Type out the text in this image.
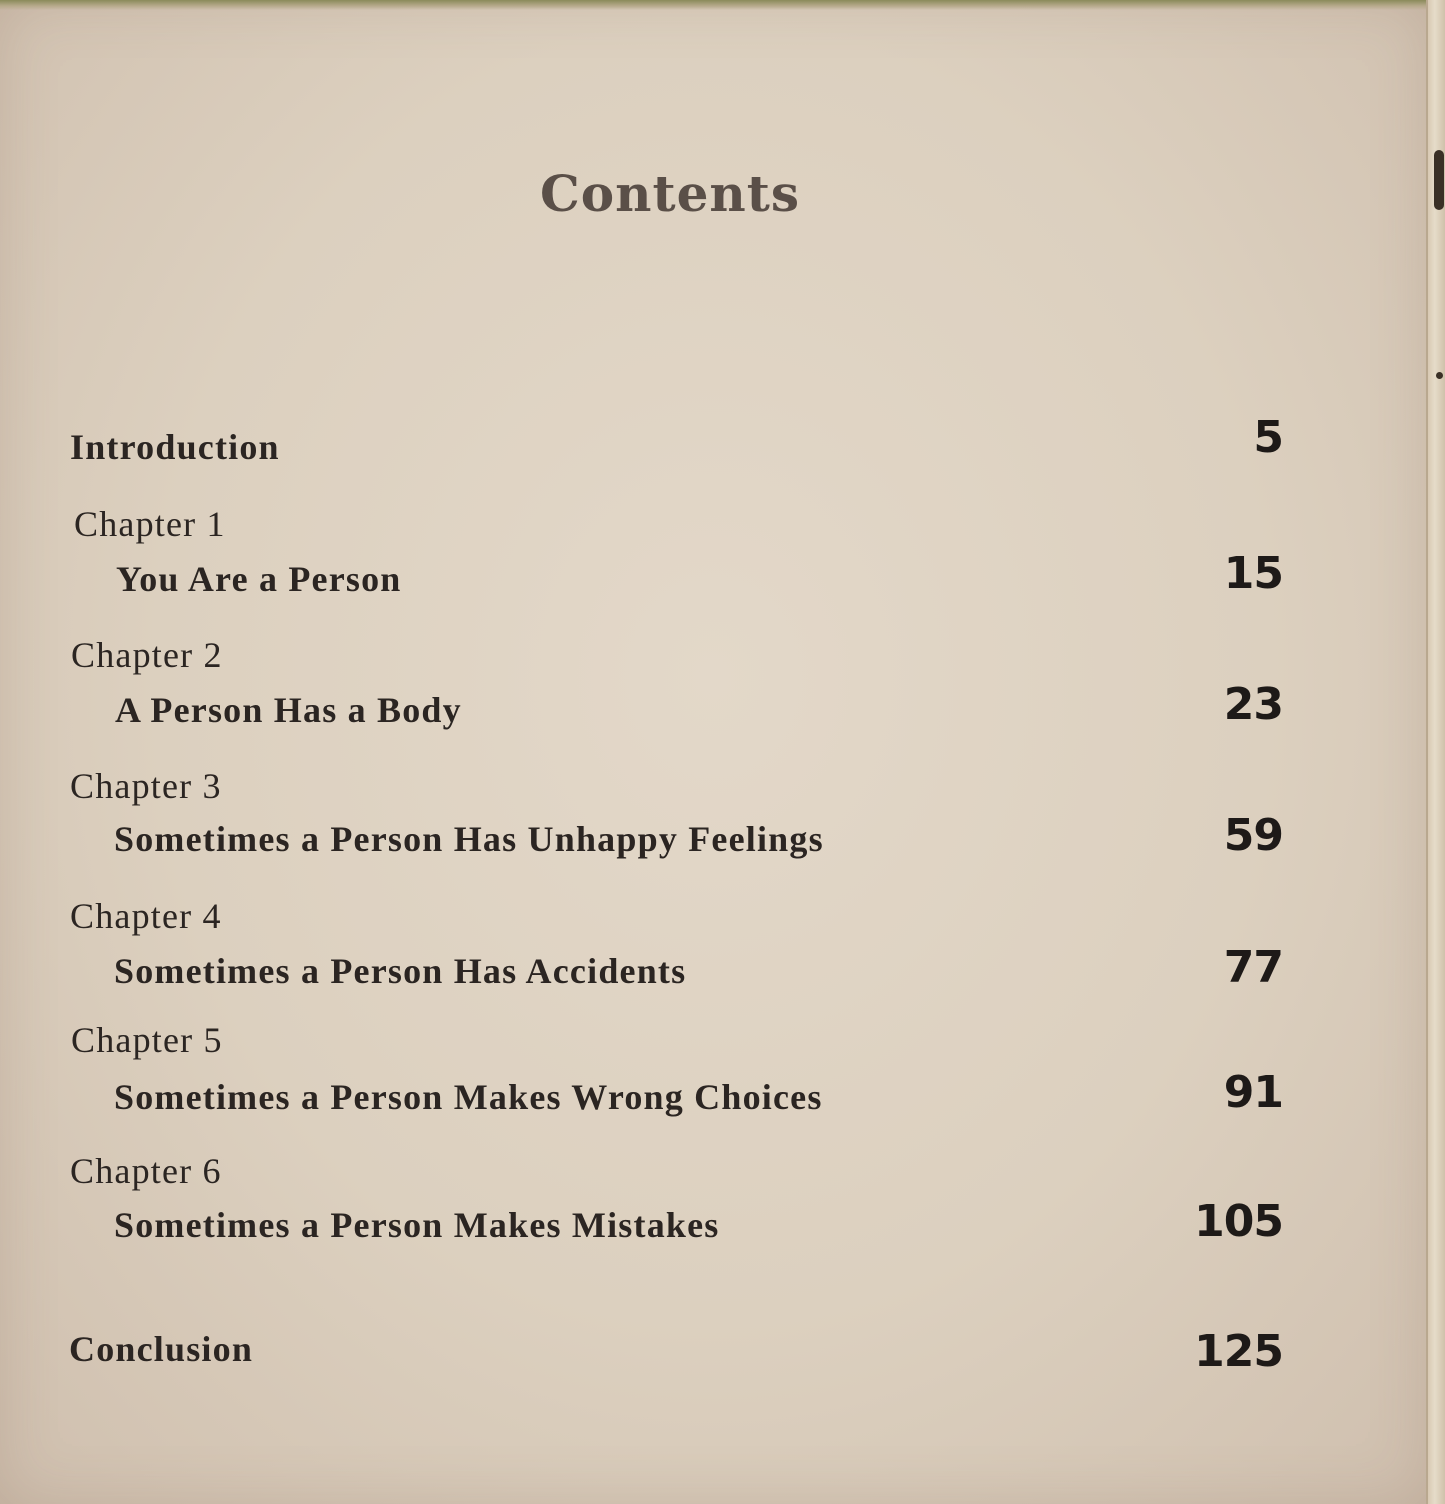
Contents
Introduction	5
Chapter 1
You Are a Person	15
Chapter 2
A Person Has a Body	23
Chapter 3
Sometimes a Person Has Unhappy Feelings	59
Chapter 4
Sometimes a Person Has Accidents	77
Chapter 5
Sometimes a Person Makes Wrong Choices	91
Chapter 6
Sometimes a Person Makes Mistakes	105
Conclusion	125
